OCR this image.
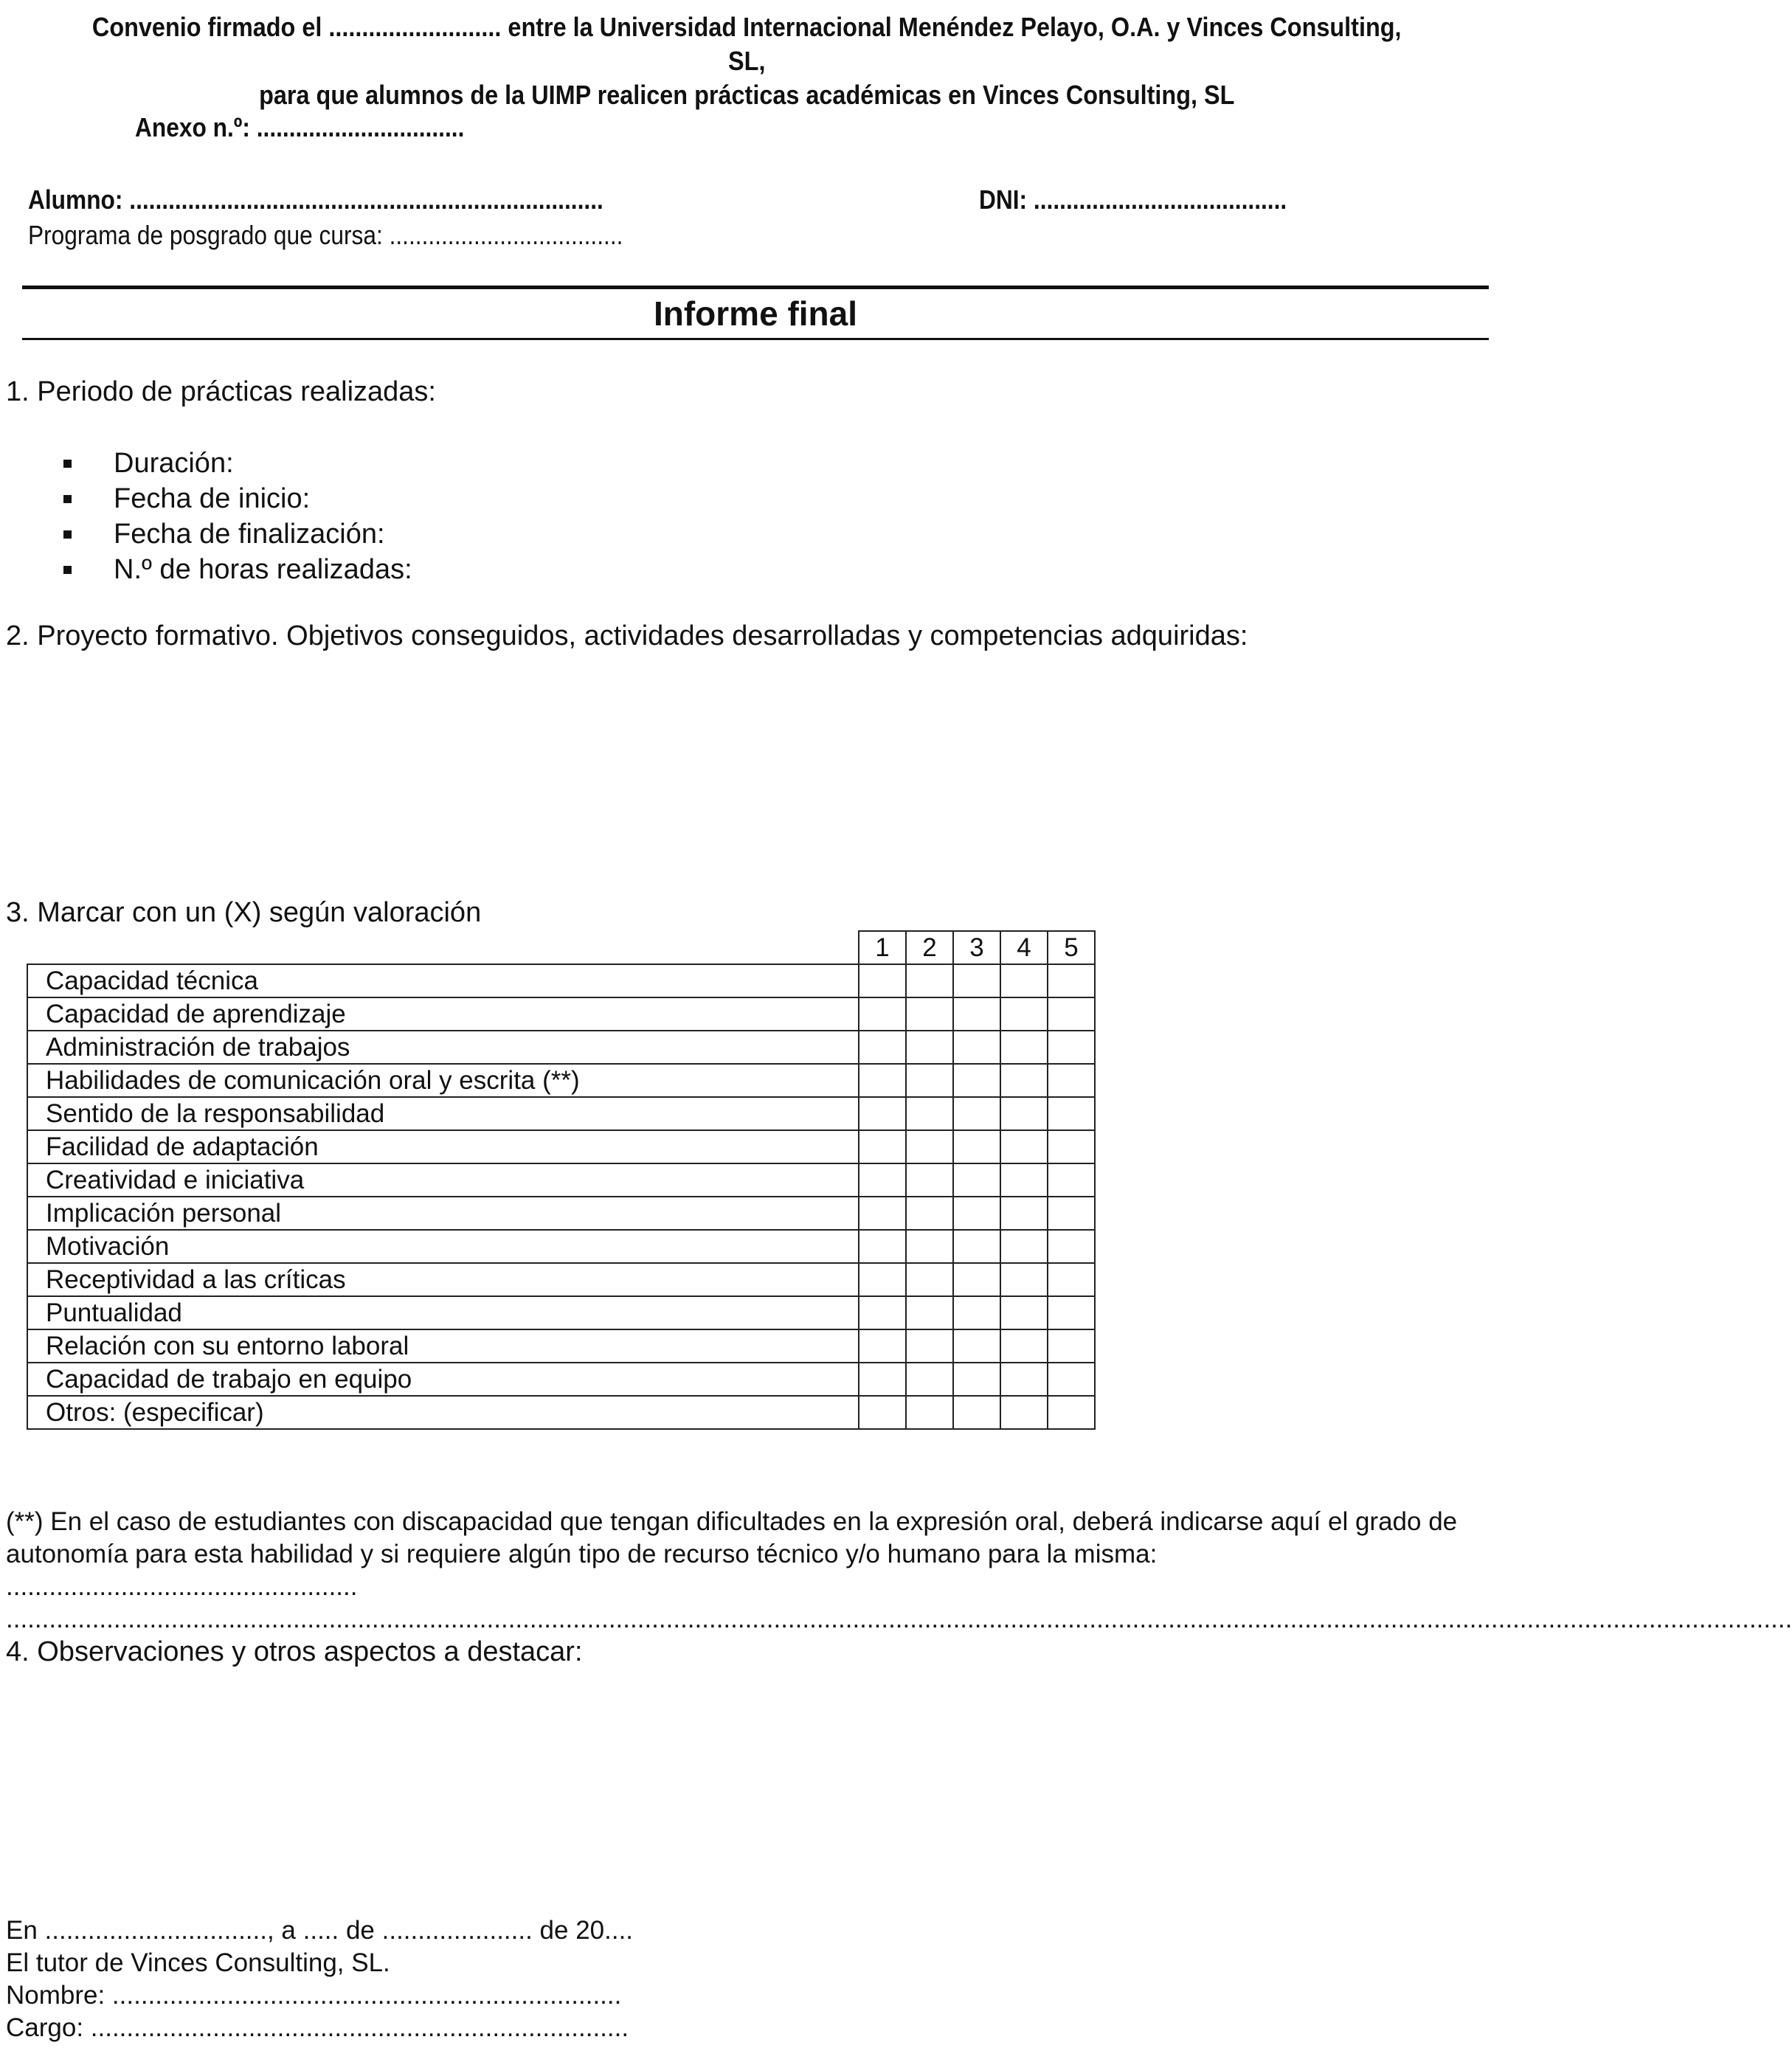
Convenio firmado el .......................... entre la Universidad Internacional Menéndez Pelayo, O.A. y Vinces Consulting, SL,
para que alumnos de la UIMP realicen prácticas académicas en Vinces Consulting, SL
Anexo n.º: ................................
Alumno: .........................................................................	DNI: .......................................
Programa de posgrado que cursa: ....................................
Informe final
1. Periodo de prácticas realizadas:
Duración:
Fecha de inicio:
Fecha de finalización:
N.º de horas realizadas:
2. Proyecto formativo. Objetivos conseguidos, actividades desarrolladas y competencias adquiridas:
3. Marcar con un (X) según valoración
	1	2	3	4	5
Capacidad técnica					
Capacidad de aprendizaje					
Administración de trabajos					
Habilidades de comunicación oral y escrita (**)					
Sentido de la responsabilidad					
Facilidad de adaptación					
Creatividad e iniciativa					
Implicación personal					
Motivación					
Receptividad a las críticas					
Puntualidad					
Relación con su entorno laboral					
Capacidad de trabajo en equipo					
Otros: (especificar)					
(**) En el caso de estudiantes con discapacidad que tengan dificultades en la expresión oral, deberá indicarse aquí el grado de autonomía para esta habilidad y si requiere algún tipo de recurso técnico y/o humano para la misma: .................................................
.........................................................................................................................................................................................................................................................
4. Observaciones y otros aspectos a destacar:
En ..............................., a ..... de ..................... de 20....
El tutor de Vinces Consulting, SL.
Nombre: .......................................................................
Cargo: ...........................................................................
